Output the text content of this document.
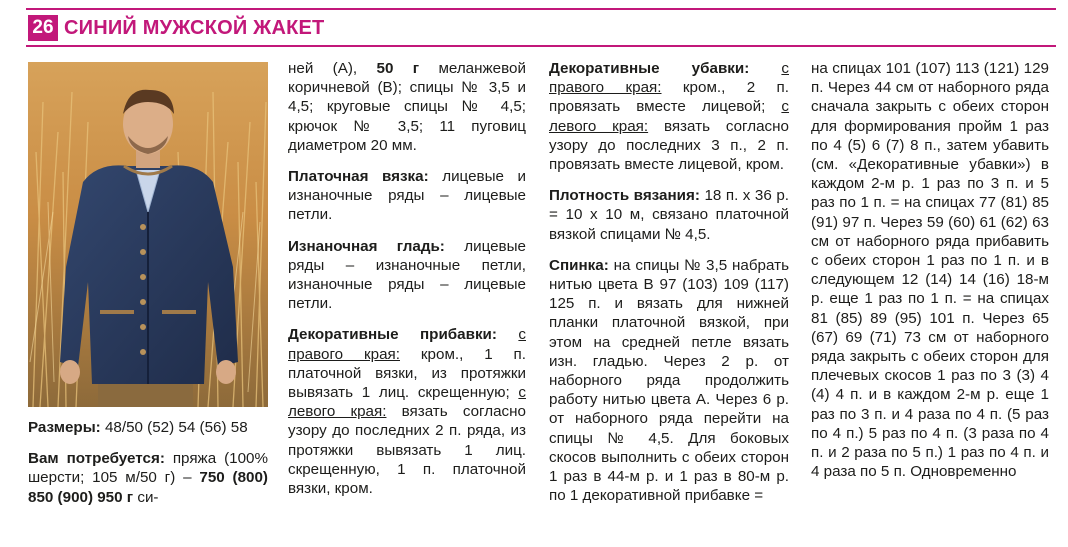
26 СИНИЙ МУЖСКОЙ ЖАКЕТ

Размеры: 48/50 (52) 54 (56) 58

Вам потребуется: пряжа (100% шерсти; 105 м/50 г) – 750 (800) 850 (900) 950 г си-

ней (А), 50 г меланжевой коричневой (В); спицы № 3,5 и 4,5; круговые спицы № 4,5; крючок № 3,5; 11 пуговиц диаметром 20 мм.

Платочная вязка: лицевые и изнаночные ряды – лицевые петли.

Изнаночная гладь: лицевые ряды – изнаночные петли, изнаночные ряды – лицевые петли.

Декоративные прибавки: с правого края: кром., 1 п. платочной вязки, из протяжки вывязать 1 лиц. скрещенную; с левого края: вязать согласно узору до последних 2 п. ряда, из протяжки вывязать 1 лиц. скрещенную, 1 п. платочной вязки, кром.

Декоративные убавки: с правого края: кром., 2 п. провязать вместе лицевой; с левого края: вязать согласно узору до последних 3 п., 2 п. провязать вместе лицевой, кром.

Плотность вязания: 18 п. х 36 р. = 10 х 10 м, связано платочной вязкой спицами № 4,5.

Спинка: на спицы № 3,5 набрать нитью цвета В 97 (103) 109 (117) 125 п. и вязать для нижней планки платочной вязкой, при этом на средней петле вязать изн. гладью. Через 2 р. от наборного ряда продолжить работу нитью цвета А. Через 6 р. от наборного ряда перейти на спицы № 4,5. Для боковых скосов выполнить с обеих сторон 1 раз в 44-м р. и 1 раз в 80-м р. по 1 декоративной прибавке =

на спицах 101 (107) 113 (121) 129 п. Через 44 см от наборного ряда сначала закрыть с обеих сторон для формирования пройм 1 раз по 4 (5) 6 (7) 8 п., затем убавить (см. «Декоративные убавки») в каждом 2-м р. 1 раз по 3 п. и 5 раз по 1 п. = на спицах 77 (81) 85 (91) 97 п. Через 59 (60) 61 (62) 63 см от наборного ряда прибавить с обеих сторон 1 раз по 1 п. и в следующем 12 (14) 14 (16) 18-м р. еще 1 раз по 1 п. = на спицах 81 (85) 89 (95) 101 п. Через 65 (67) 69 (71) 73 см от наборного ряда закрыть с обеих сторон для плечевых скосов 1 раз по 3 (3) 4 (4) 4 п. и в каждом 2-м р. еще 1 раз по 3 п. и 4 раза по 4 п. (5 раз по 4 п.) 5 раз по 4 п. (3 раза по 4 п. и 2 раза по 5 п.) 1 раз по 4 п. и 4 раза по 5 п. Одновременно
